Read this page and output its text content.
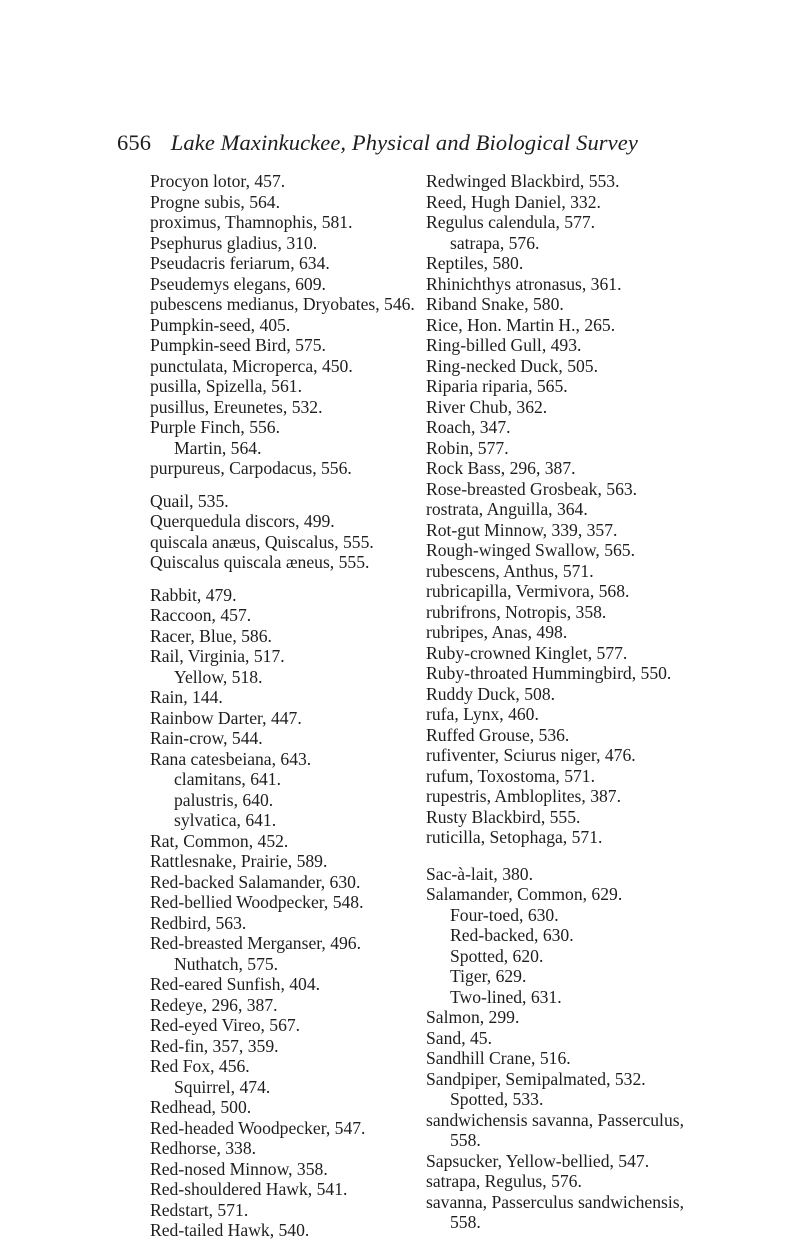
656 Lake Maxinkuckee, Physical and Biological Survey
Procyon lotor, 457.
Progne subis, 564.
proximus, Thamnophis, 581.
Psephurus gladius, 310.
Pseudacris feriarum, 634.
Pseudemys elegans, 609.
pubescens medianus, Dryobates, 546.
Pumpkin-seed, 405.
Pumpkin-seed Bird, 575.
punctulata, Microperca, 450.
pusilla, Spizella, 561.
pusillus, Ereunetes, 532.
Purple Finch, 556.
Martin, 564.
purpureus, Carpodacus, 556.
Quail, 535.
Querquedula discors, 499.
quiscala anæus, Quiscalus, 555.
Quiscalus quiscala æneus, 555.
Rabbit, 479.
Raccoon, 457.
Racer, Blue, 586.
Rail, Virginia, 517.
Yellow, 518.
Rain, 144.
Rainbow Darter, 447.
Rain-crow, 544.
Rana catesbeiana, 643.
clamitans, 641.
palustris, 640.
sylvatica, 641.
Rat, Common, 452.
Rattlesnake, Prairie, 589.
Red-backed Salamander, 630.
Red-bellied Woodpecker, 548.
Redbird, 563.
Red-breasted Merganser, 496.
Nuthatch, 575.
Red-eared Sunfish, 404.
Redeye, 296, 387.
Red-eyed Vireo, 567.
Red-fin, 357, 359.
Red Fox, 456.
Squirrel, 474.
Redhead, 500.
Red-headed Woodpecker, 547.
Redhorse, 338.
Red-nosed Minnow, 358.
Red-shouldered Hawk, 541.
Redstart, 571.
Red-tailed Hawk, 540.
Redwinged Blackbird, 553.
Reed, Hugh Daniel, 332.
Regulus calendula, 577.
satrapa, 576.
Reptiles, 580.
Rhinichthys atronasus, 361.
Riband Snake, 580.
Rice, Hon. Martin H., 265.
Ring-billed Gull, 493.
Ring-necked Duck, 505.
Riparia riparia, 565.
River Chub, 362.
Roach, 347.
Robin, 577.
Rock Bass, 296, 387.
Rose-breasted Grosbeak, 563.
rostrata, Anguilla, 364.
Rot-gut Minnow, 339, 357.
Rough-winged Swallow, 565.
rubescens, Anthus, 571.
rubricapilla, Vermivora, 568.
rubrifrons, Notropis, 358.
rubripes, Anas, 498.
Ruby-crowned Kinglet, 577.
Ruby-throated Hummingbird, 550.
Ruddy Duck, 508.
rufa, Lynx, 460.
Ruffed Grouse, 536.
rufiventer, Sciurus niger, 476.
rufum, Toxostoma, 571.
rupestris, Ambloplites, 387.
Rusty Blackbird, 555.
ruticilla, Setophaga, 571.
Sac-à-lait, 380.
Salamander, Common, 629.
Four-toed, 630.
Red-backed, 630.
Spotted, 620.
Tiger, 629.
Two-lined, 631.
Salmon, 299.
Sand, 45.
Sandhill Crane, 516.
Sandpiper, Semipalmated, 532.
Spotted, 533.
sandwichensis savanna, Passerculus,
558.
Sapsucker, Yellow-bellied, 547.
satrapa, Regulus, 576.
savanna, Passerculus sandwichensis,
558.
